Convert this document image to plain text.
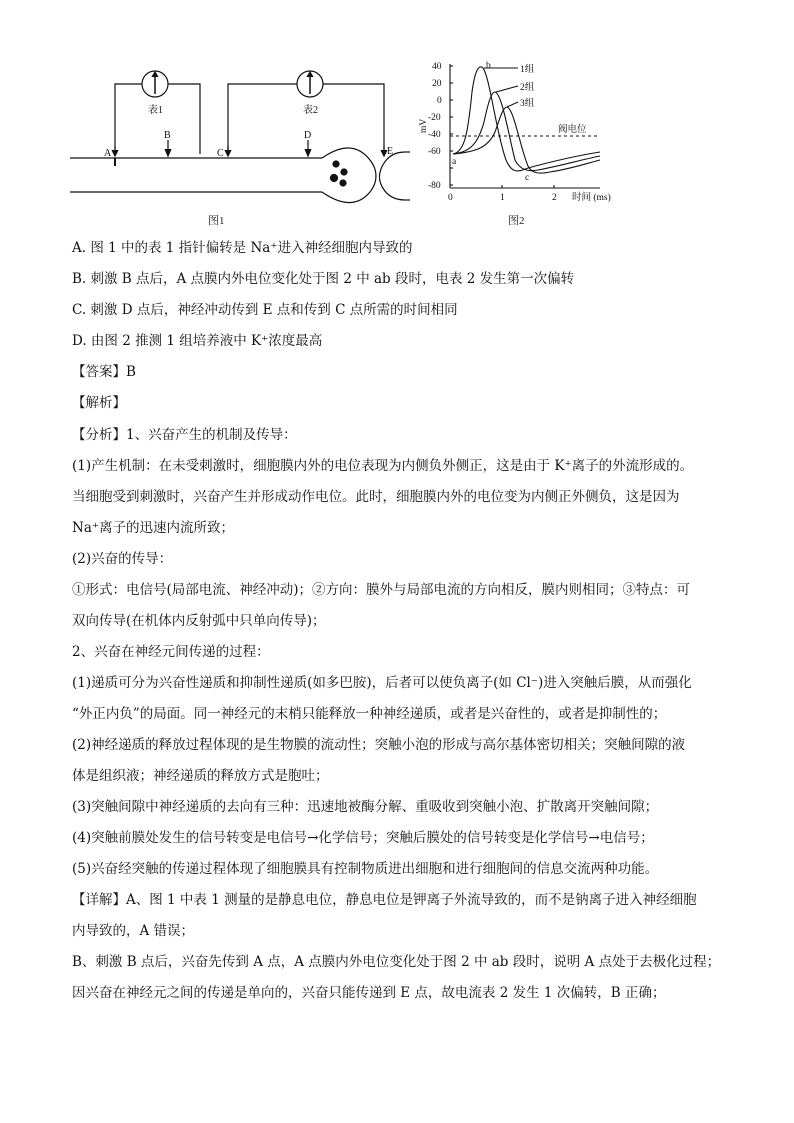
表1	表2
A
B
C
D
E
图1
mV
40
20
0
-20
-40
-60
-80
0	1	2 时间 (ms)
阀电位
1组
2组
3组
a
b
c
图2
A. 图 1 中的表 1 指针偏转是 Na⁺进入神经细胞内导致的
B. 刺激 B 点后，A 点膜内外电位变化处于图 2 中 ab 段时，电表 2 发生第一次偏转
C. 刺激 D 点后，神经冲动传到 E 点和传到 C 点所需的时间相同
D. 由图 2 推测 1 组培养液中 K⁺浓度最高
【答案】B
【解析】
【分析】1、兴奋产生的机制及传导：
(1)产生机制：在未受刺激时，细胞膜内外的电位表现为内侧负外侧正，这是由于 K⁺离子的外流形成的。
当细胞受到刺激时，兴奋产生并形成动作电位。此时，细胞膜内外的电位变为内侧正外侧负，这是因为
Na⁺离子的迅速内流所致；
(2)兴奋的传导：
①形式：电信号(局部电流、神经冲动)；②方向：膜外与局部电流的方向相反，膜内则相同；③特点：可
双向传导(在机体内反射弧中只单向传导)；
2、兴奋在神经元间传递的过程：
(1)递质可分为兴奋性递质和抑制性递质(如多巴胺)，后者可以使负离子(如 Cl⁻)进入突触后膜，从而强化
“外正内负”的局面。同一神经元的末梢只能释放一种神经递质，或者是兴奋性的，或者是抑制性的；
(2)神经递质的释放过程体现的是生物膜的流动性；突触小泡的形成与高尔基体密切相关；突触间隙的液
体是组织液；神经递质的释放方式是胞吐；
(3)突触间隙中神经递质的去向有三种：迅速地被酶分解、重吸收到突触小泡、扩散离开突触间隙；
(4)突触前膜处发生的信号转变是电信号→化学信号；突触后膜处的信号转变是化学信号→电信号；
(5)兴奋经突触的传递过程体现了细胞膜具有控制物质进出细胞和进行细胞间的信息交流两种功能。
【详解】A、图 1 中表 1 测量的是静息电位，静息电位是钾离子外流导致的，而不是钠离子进入神经细胞
内导致的，A 错误；
B、刺激 B 点后，兴奋先传到 A 点，A 点膜内外电位变化处于图 2 中 ab 段时，说明 A 点处于去极化过程；
因兴奋在神经元之间的传递是单向的，兴奋只能传递到 E 点，故电流表 2 发生 1 次偏转，B 正确；
